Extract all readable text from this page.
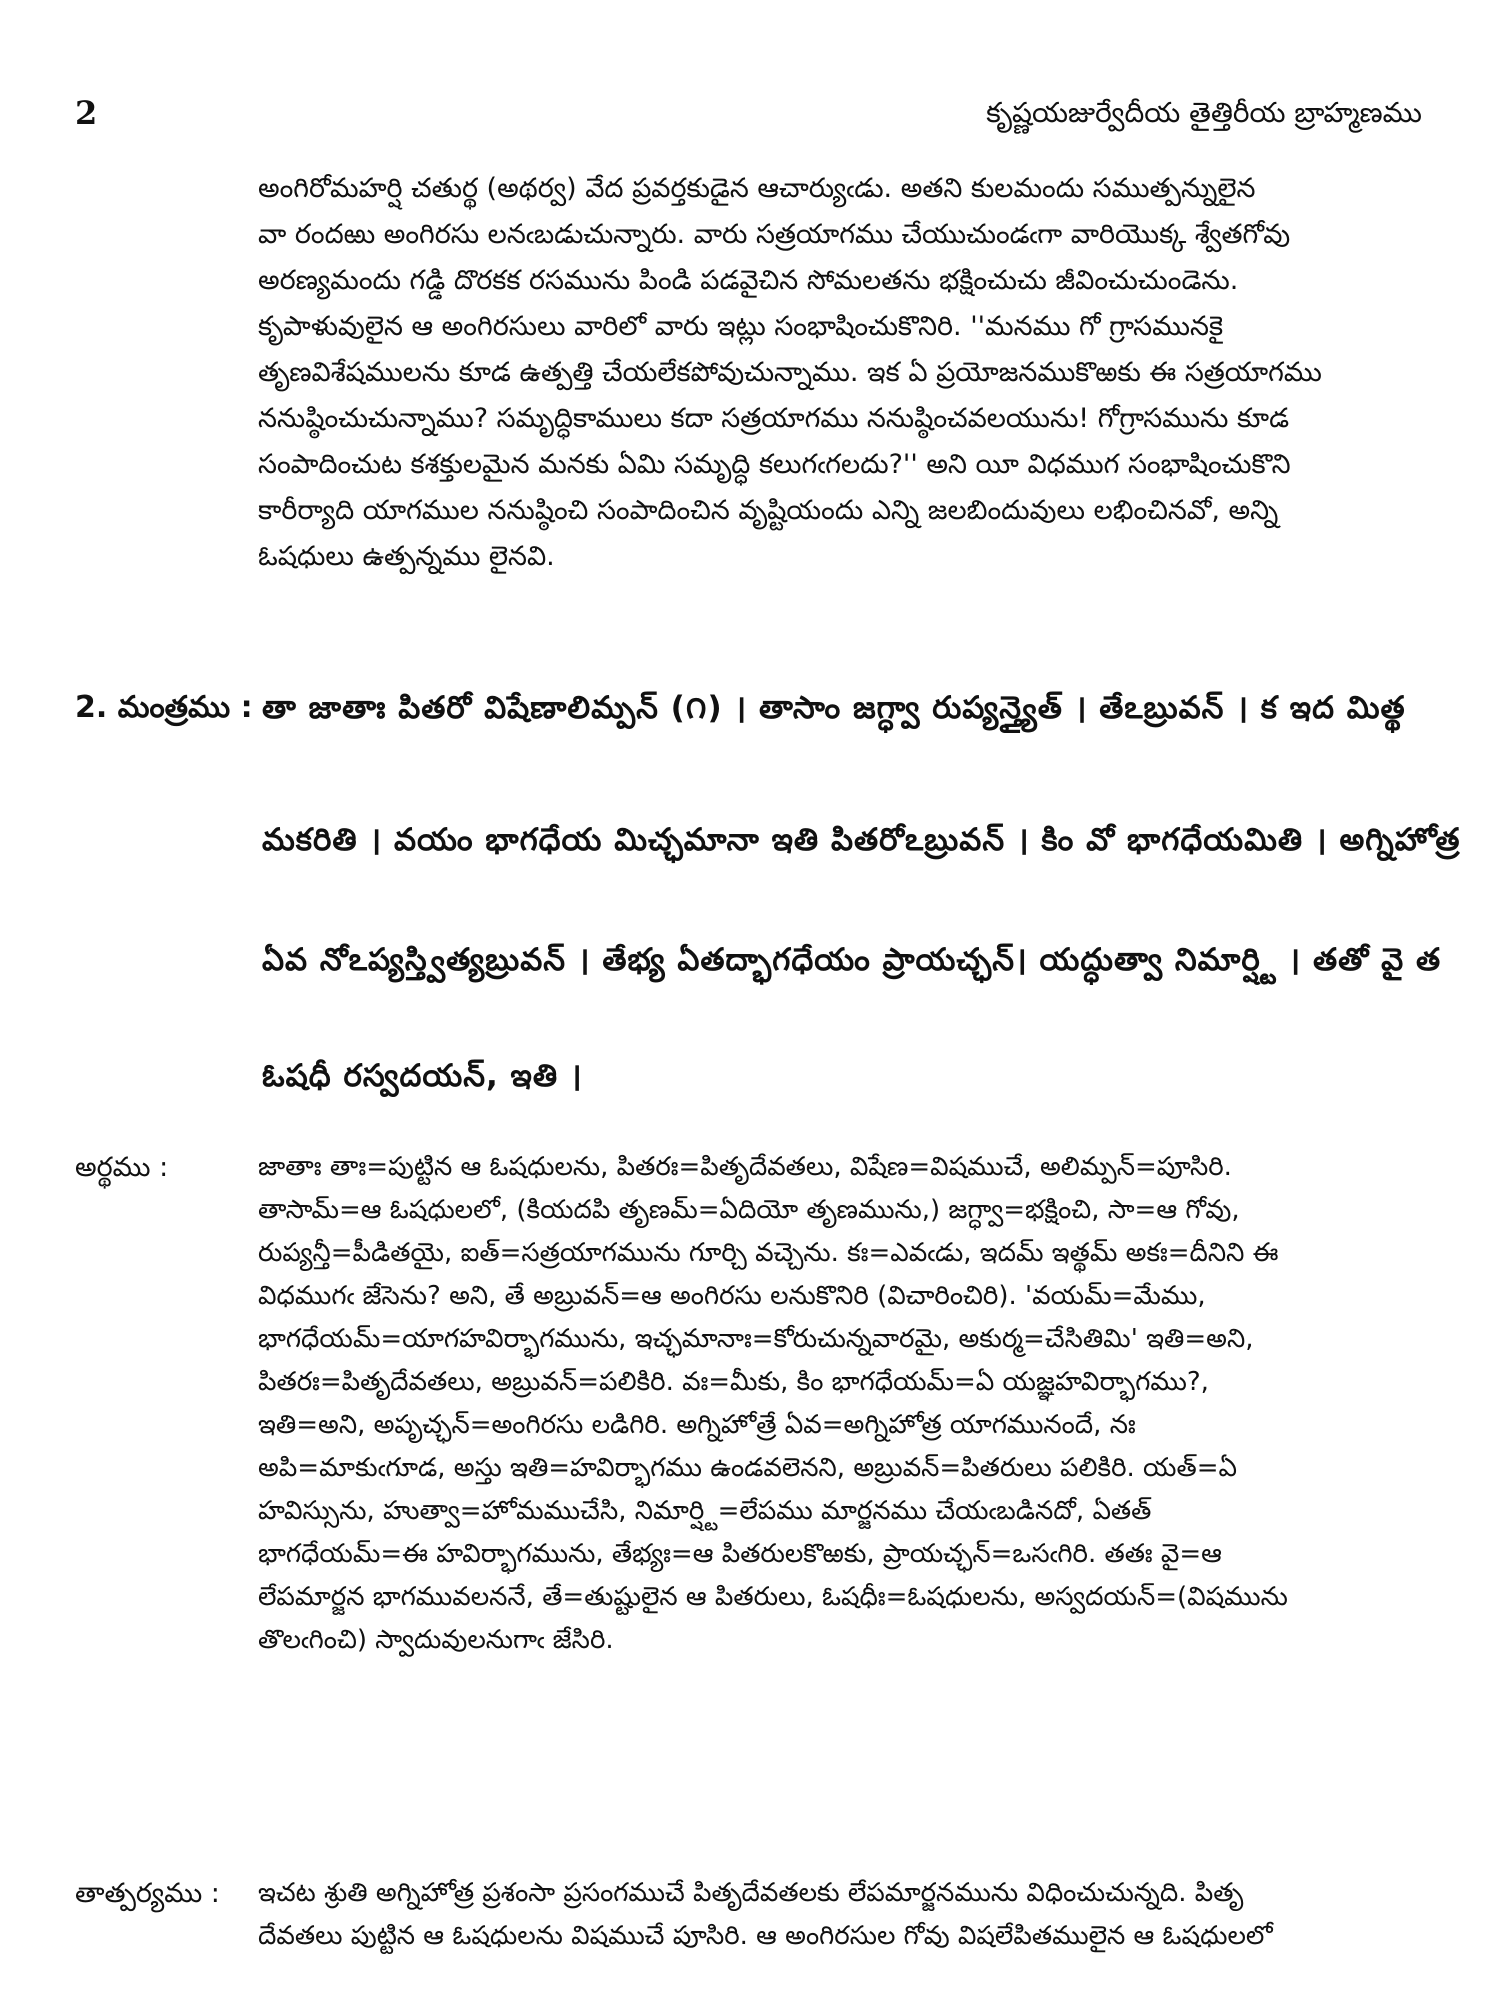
2	కృష్ణయజుర్వేదీయ తైత్తిరీయ బ్రాహ్మణము
అంగిరోమహర్షి చతుర్థ (అథర్వ) వేద ప్రవర్తకుడైన ఆచార్యుఁడు. అతని కులమందు సముత్పన్నులైన
వా రందఱు అంగిరసు లనఁబడుచున్నారు. వారు సత్రయాగము చేయుచుండఁగా వారియొక్క శ్వేతగోవు
అరణ్యమందు గడ్డి దొరకక రసమును పిండి పడవైచిన సోమలతను భక్షించుచు జీవించుచుండెను.
కృపాళువులైన ఆ అంగిరసులు వారిలో వారు ఇట్లు సంభాషించుకొనిరి. ''మనము గో గ్రాసమునకై
తృణవిశేషములను కూడ ఉత్పత్తి చేయలేకపోవుచున్నాము. ఇక ఏ ప్రయోజనముకొఱకు ఈ సత్రయాగము
ననుష్ఠించుచున్నాము? సమృద్ధికాములు కదా సత్రయాగము ననుష్ఠించవలయును! గోగ్రాసమును కూడ
సంపాదించుట కశక్తులమైన మనకు ఏమి సమృద్ధి కలుగఁగలదు?'' అని యీ విధముగ సంభాషించుకొని
కారీర్యాది యాగముల ననుష్ఠించి సంపాదించిన వృష్టియందు ఎన్ని జలబిందువులు లభించినవో, అన్ని
ఓషధులు ఉత్పన్నము లైనవి.
2. మంత్రము : తా జాతాః పితరో విషేణాలిమ్పన్ (౧) । తాసాం జగ్ధ్వా రుప్యన్త్యైత్ । తేఽబ్రువన్ । క ఇద మిత్థ
మకరితి । వయం భాగధేయ మిచ్ఛమానా ఇతి పితరోఽబ్రువన్ । కిం వో భాగధేయమితి । అగ్నిహోత్ర
ఏవ నోఽప్యస్త్విత్యబ్రువన్ । తేభ్య ఏతద్భాగధేయం ప్రాయచ్ఛన్। యద్ధుత్వా నిమార్ష్టి । తతో వై త
ఓషధీ రస్వదయన్, ఇతి ।
అర్థము :	జాతాః తాః=పుట్టిన ఆ ఓషధులను, పితరః=పితృదేవతలు, విషేణ=విషముచే, అలిమ్పన్=పూసిరి.
తాసామ్=ఆ ఓషధులలో, (కియదపి తృణమ్=ఏదియో తృణమును,) జగ్ధ్వా=భక్షించి, సా=ఆ గోవు,
రుప్యన్తీ=పీడితయై, ఐత్=సత్రయాగమును గూర్చి వచ్చెను. కః=ఎవఁడు, ఇదమ్ ఇత్థమ్ అకః=దీనిని ఈ
విధముగఁ జేసెను? అని, తే అబ్రువన్=ఆ అంగిరసు లనుకొనిరి (విచారించిరి). 'వయమ్=మేము,
భాగధేయమ్=యాగహవిర్భాగమును, ఇచ్ఛమానాః=కోరుచున్నవారమై, అకుర్మ=చేసితిమి' ఇతి=అని,
పితరః=పితృదేవతలు, అబ్రువన్=పలికిరి. వః=మీకు, కిం భాగధేయమ్=ఏ యజ్ఞహవిర్భాగము?,
ఇతి=అని, అపృచ్ఛన్=అంగిరసు లడిగిరి. అగ్నిహోత్రే ఏవ=అగ్నిహోత్ర యాగమునందే, నః
అపి=మాకుఁగూడ, అస్తు ఇతి=హవిర్భాగము ఉండవలెనని, అబ్రువన్=పితరులు పలికిరి. యత్=ఏ
హవిస్సును, హుత్వా=హోమముచేసి, నిమార్ష్టి=లేపము మార్జనము చేయఁబడినదో, ఏతత్
భాగధేయమ్=ఈ హవిర్భాగమును, తేభ్యః=ఆ పితరులకొఱకు, ప్రాయచ్ఛన్=ఒసఁగిరి. తతః వై=ఆ
లేపమార్జన భాగమువలననే, తే=తుష్టులైన ఆ పితరులు, ఓషధీః=ఓషధులను, అస్వదయన్=(విషమును
తొలఁగించి) స్వాదువులనుగాఁ జేసిరి.
తాత్పర్యము : ఇచట శ్రుతి అగ్నిహోత్ర ప్రశంసా ప్రసంగముచే పితృదేవతలకు లేపమార్జనమును విధించుచున్నది. పితృ
దేవతలు పుట్టిన ఆ ఓషధులను విషముచే పూసిరి. ఆ అంగిరసుల గోవు విషలేపితములైన ఆ ఓషధులలో
